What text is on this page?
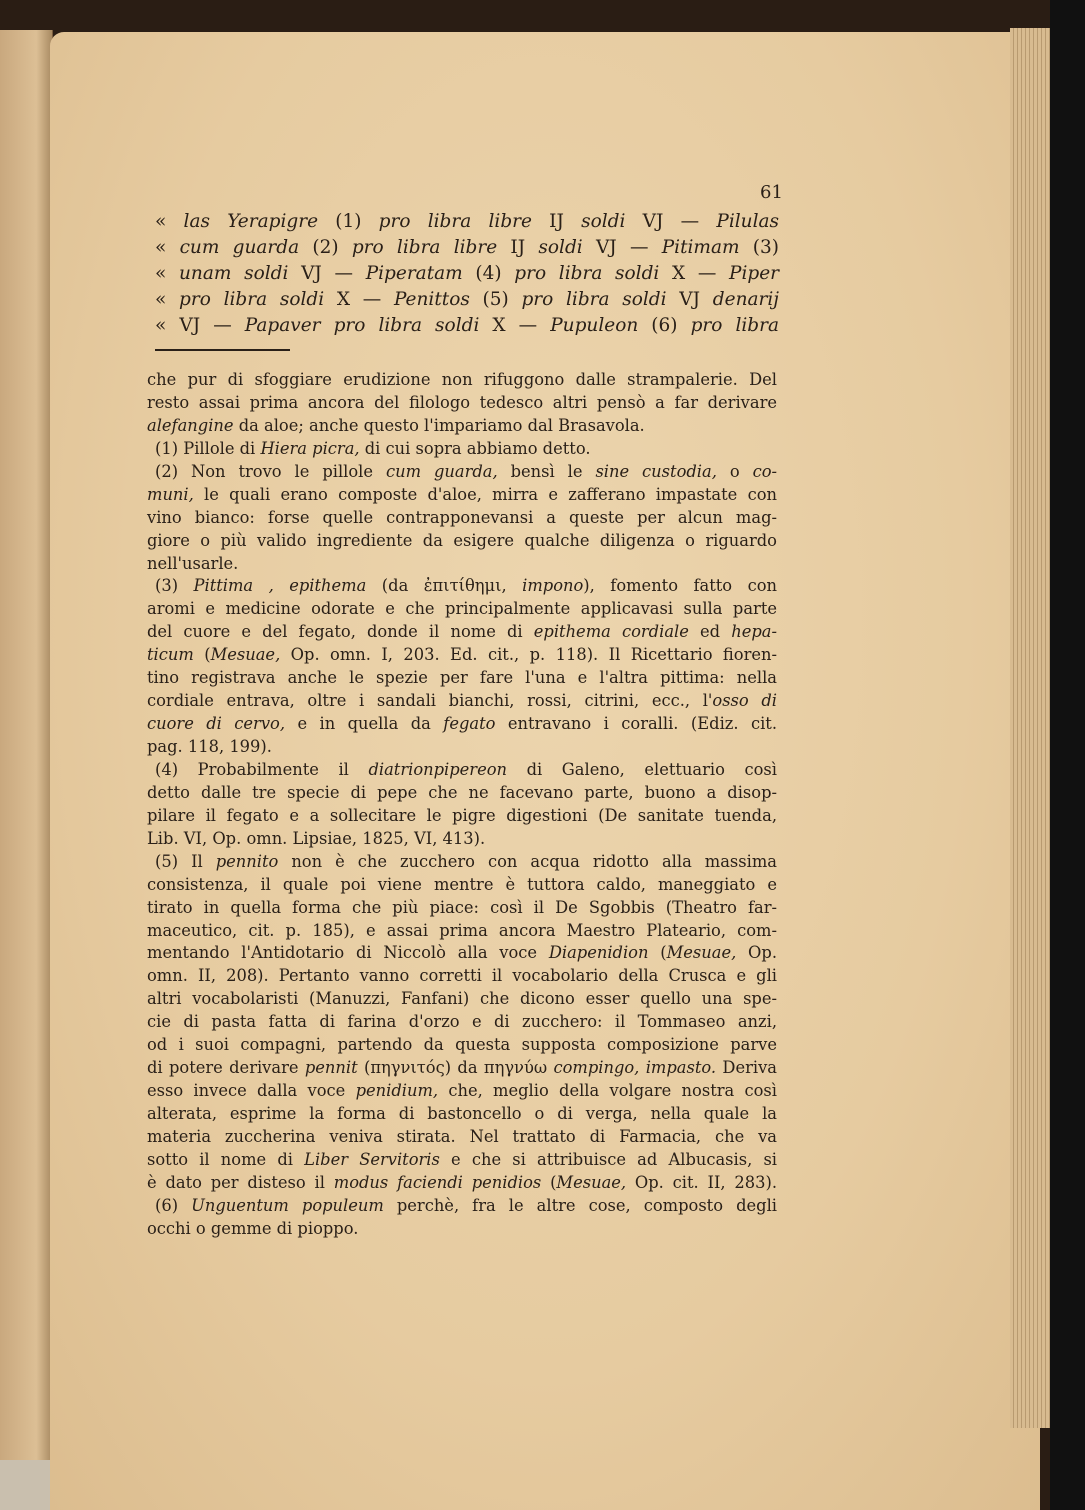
61
« las Yerapigre (1) pro libra libre IJ soldi VJ — Pilulas
« cum guarda (2) pro libra libre IJ soldi VJ — Pitimam (3)
« unam soldi VJ — Piperatam (4) pro libra soldi X — Piper
« pro libra soldi X — Penittos (5) pro libra soldi VJ denarij
« VJ — Papaver pro libra soldi X — Pupuleon (6) pro libra
che pur di sfoggiare erudizione non rifuggono dalle strampalerie. Del
resto assai prima ancora del filologo tedesco altri pensò a far derivare
alefangine da aloe; anche questo l'impariamo dal Brasavola.
(1) Pillole di Hiera picra, di cui sopra abbiamo detto.
(2) Non trovo le pillole cum guarda, bensì le sine custodia, o co-
muni, le quali erano composte d'aloe, mirra e zafferano impastate con
vino bianco: forse quelle contrapponevansi a queste per alcun mag-
giore o più valido ingrediente da esigere qualche diligenza o riguardo
nell'usarle.
(3) Pittima , epithema (da ἐπιτίθημι, impono), fomento fatto con
aromi e medicine odorate e che principalmente applicavasi sulla parte
del cuore e del fegato, donde il nome di epithema cordiale ed hepa-
ticum (Mesuae, Op. omn. I, 203. Ed. cit., p. 118). Il Ricettario fioren-
tino registrava anche le spezie per fare l'una e l'altra pittima: nella
cordiale entrava, oltre i sandali bianchi, rossi, citrini, ecc., l'osso di
cuore di cervo, e in quella da fegato entravano i coralli. (Ediz. cit.
pag. 118, 199).
(4) Probabilmente il diatrionpipereon di Galeno, elettuario così
detto dalle tre specie di pepe che ne facevano parte, buono a disop-
pilare il fegato e a sollecitare le pigre digestioni (De sanitate tuenda,
Lib. VI, Op. omn. Lipsiae, 1825, VI, 413).
(5) Il pennito non è che zucchero con acqua ridotto alla massima
consistenza, il quale poi viene mentre è tuttora caldo, maneggiato e
tirato in quella forma che più piace: così il De Sgobbis (Theatro far-
maceutico, cit. p. 185), e assai prima ancora Maestro Plateario, com-
mentando l'Antidotario di Niccolò alla voce Diapenidion (Mesuae, Op.
omn. II, 208). Pertanto vanno corretti il vocabolario della Crusca e gli
altri vocabolaristi (Manuzzi, Fanfani) che dicono esser quello una spe-
cie di pasta fatta di farina d'orzo e di zucchero: il Tommaseo anzi,
od i suoi compagni, partendo da questa supposta composizione parve
di potere derivare pennit (πηγνιτός) da πηγνύω compingo, impasto. Deriva
esso invece dalla voce penidium, che, meglio della volgare nostra così
alterata, esprime la forma di bastoncello o di verga, nella quale la
materia zuccherina veniva stirata. Nel trattato di Farmacia, che va
sotto il nome di Liber Servitoris e che si attribuisce ad Albucasis, si
è dato per disteso il modus faciendi penidios (Mesuae, Op. cit. II, 283).
(6) Unguentum populeum perchè, fra le altre cose, composto degli
occhi o gemme di pioppo.
